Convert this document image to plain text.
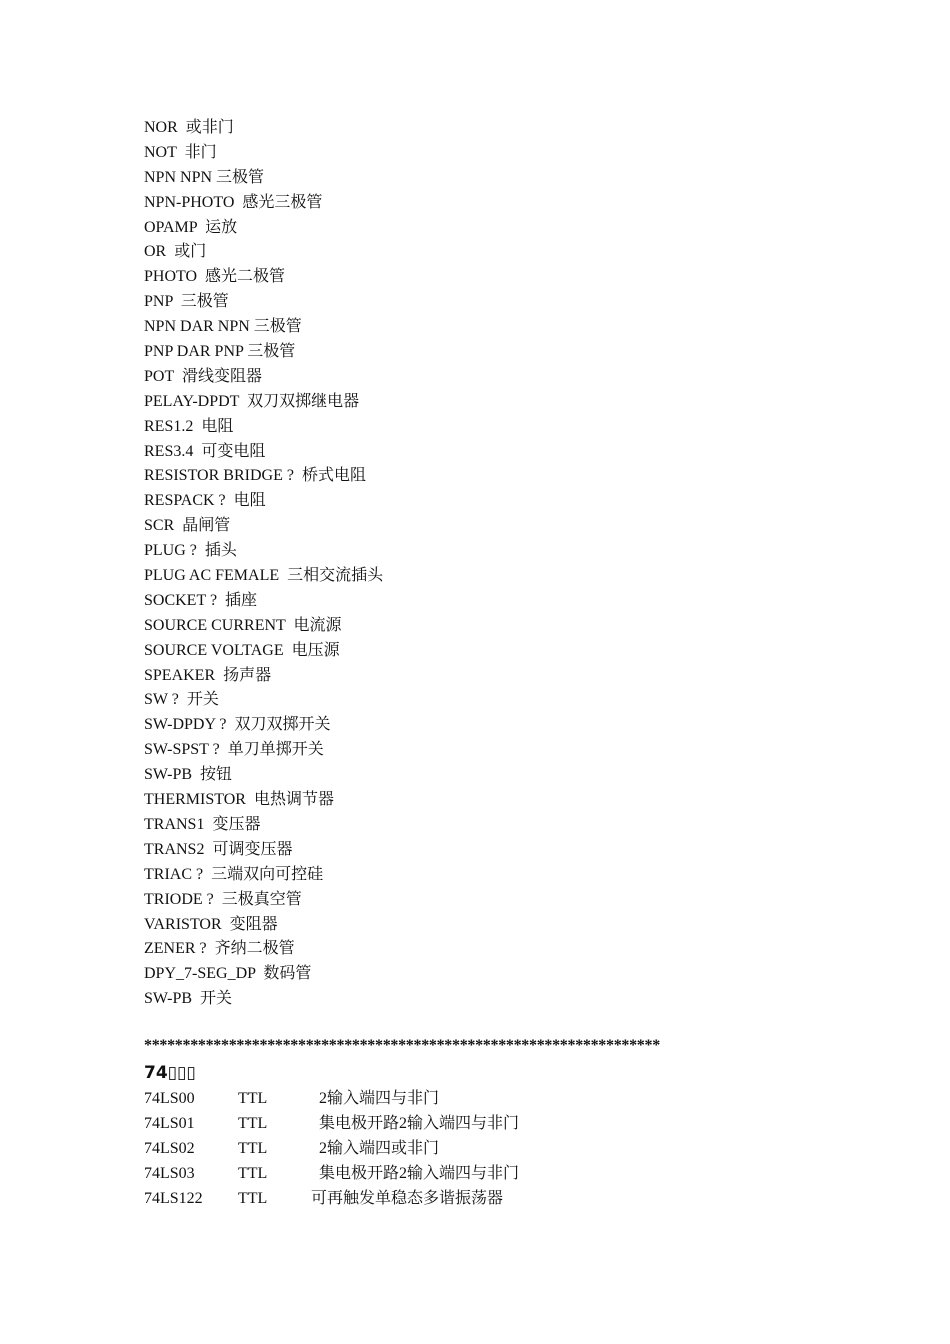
NOR  或非门
NOT  非门
NPN NPN 三极管
NPN-PHOTO  感光三极管
OPAMP  运放
OR  或门
PHOTO  感光二极管
PNP  三极管
NPN DAR NPN 三极管
PNP DAR PNP 三极管
POT  滑线变阻器
PELAY-DPDT  双刀双掷继电器
RES1.2  电阻
RES3.4  可变电阻
RESISTOR BRIDGE ?  桥式电阻
RESPACK ?  电阻
SCR  晶闸管
PLUG ?  插头
PLUG AC FEMALE  三相交流插头
SOCKET ?  插座
SOURCE CURRENT  电流源
SOURCE VOLTAGE  电压源
SPEAKER  扬声器
SW ?  开关
SW-DPDY ?  双刀双掷开关
SW-SPST ?  单刀单掷开关
SW-PB  按钮
THERMISTOR  电热调节器
TRANS1  变压器
TRANS2  可调变压器
TRIAC ?  三端双向可控硅
TRIODE ?  三极真空管
VARISTOR  变阻器
ZENER ?  齐纳二极管
DPY_7-SEG_DP  数码管
SW-PB  开关
*******************************************************************
74▯▯▯
74LS00	TTL	2输入端四与非门
74LS01	TTL	集电极开路2输入端四与非门
74LS02	TTL	2输入端四或非门
74LS03	TTL	集电极开路2输入端四与非门
74LS122 TTL	可再触发单稳态多谐振荡器
